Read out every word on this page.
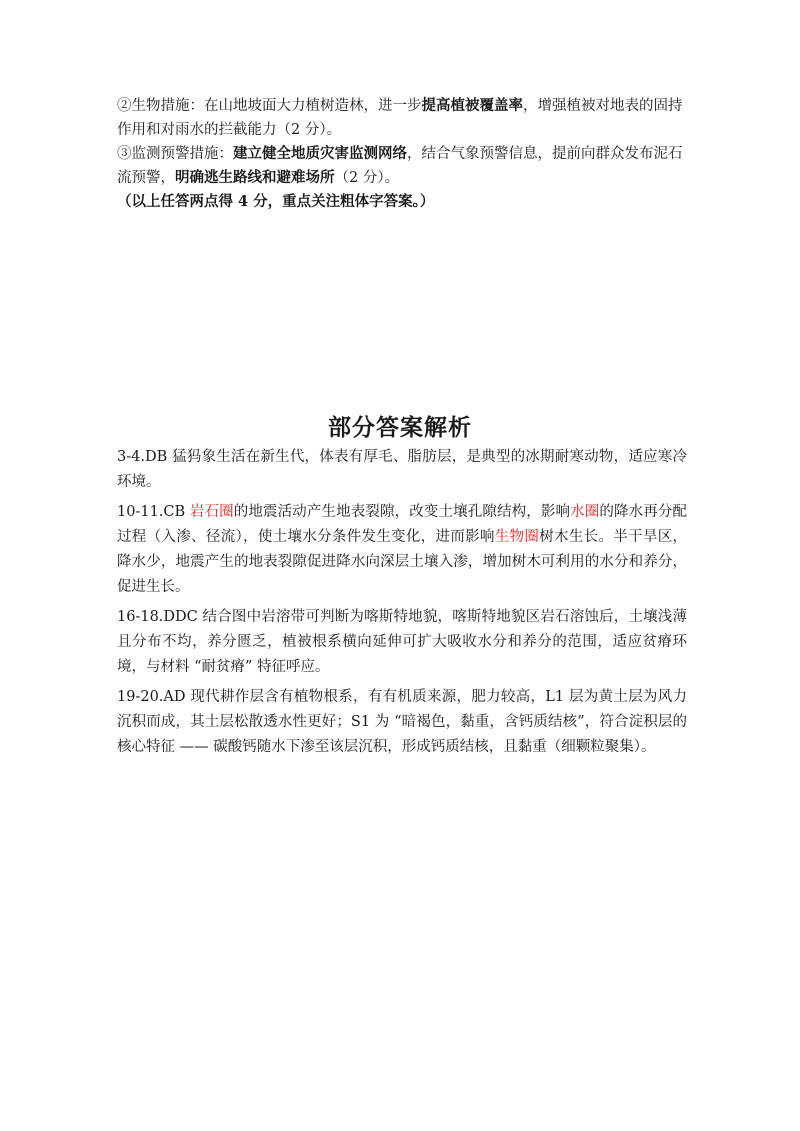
②生物措施：在山地坡面大力植树造林，进一步提高植被覆盖率，增强植被对地表的固持作用和对雨水的拦截能力（2 分）。

③监测预警措施：建立健全地质灾害监测网络，结合气象预警信息，提前向群众发布泥石流预警，明确逃生路线和避难场所（2 分）。

（以上任答两点得 4 分，重点关注粗体字答案。）

部分答案解析

3-4.DB 猛犸象生活在新生代，体表有厚毛、脂肪层，是典型的冰期耐寒动物，适应寒冷环境。

10-11.CB 岩石圈的地震活动产生地表裂隙，改变土壤孔隙结构，影响水圈的降水再分配过程（入渗、径流），使土壤水分条件发生变化，进而影响生物圈树木生长。半干旱区，降水少，地震产生的地表裂隙促进降水向深层土壤入渗，增加树木可利用的水分和养分，促进生长。

16-18.DDC 结合图中岩溶带可判断为喀斯特地貌，喀斯特地貌区岩石溶蚀后，土壤浅薄且分布不均，养分匮乏，植被根系横向延伸可扩大吸收水分和养分的范围，适应贫瘠环境，与材料 “耐贫瘠” 特征呼应。

19-20.AD 现代耕作层含有植物根系，有有机质来源，肥力较高，L1 层为黄土层为风力沉积而成，其土层松散透水性更好；S1 为 “暗褐色，黏重，含钙质结核”，符合淀积层的核心特征 —— 碳酸钙随水下渗至该层沉积，形成钙质结核，且黏重（细颗粒聚集）。
